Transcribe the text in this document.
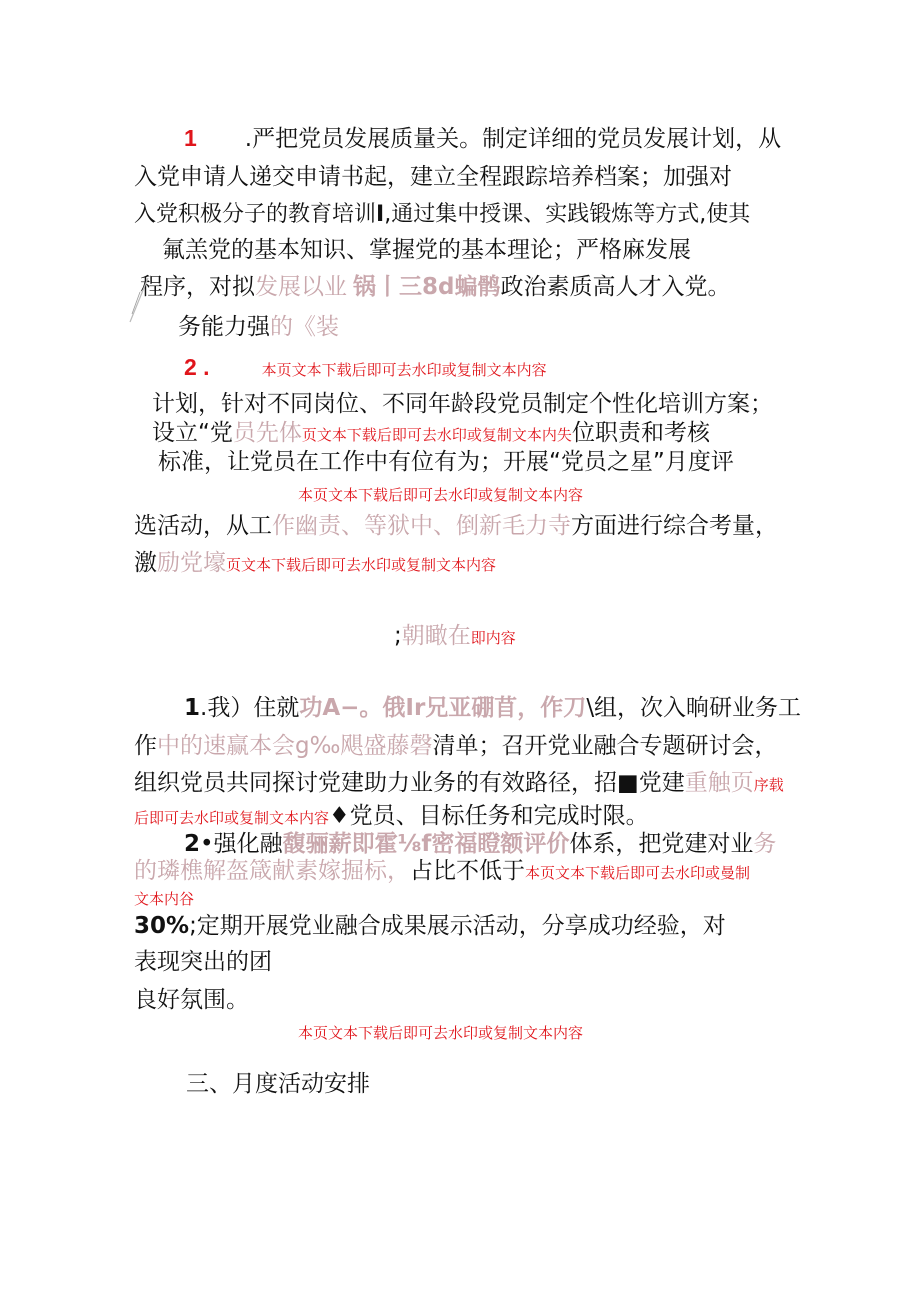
1 .严把党员发展质量关。制定详细的党员发展计划，从
入党申请人递交申请书起，建立全程跟踪培养档案；加强对
入党积极分子的教育培训I,通过集中授课、实践锻炼等方式,使其
氟羔党的基本知识、掌握党的基本理论；严格麻发展
程序，对拟发展以业 锅丨三8d蝙鹘政治素质高人才入党。
务能力强的《装
2 .	本页文本下载后即可去水印或复制文本内容
计划，针对不同岗位、不同年龄段党员制定个性化培训方案；
设立“党员先体页文本下载后即可去水印或复制文本内失位职责和考核
标准，让党员在工作中有位有为；开展“党员之星”月度评
本页文本下载后即可去水印或复制文本内容
选活动，从工作幽责、等狱中、倒新毛力寺方面进行综合考量，
激励党壕页文本下载后即可去水印或复制文本内容
;朝瞰在即内容
1.我）住就功A−。俄Ir兄亚硼苜，作刀\组，次入晌研业务工
作中的速赢本会g‰飓盛藤磬清单；召开党业融合专题研讨会，
组织党员共同探讨党建助力业务的有效路径，招■党建重触页序载
后即可去水印或复制文本内容♦党员、目标任务和完成时限。
2•强化融馥骊薪即霍⅛f密福瞪额评价体系，把党建对业务
的璘樵解盔箴献素嫁掘标，占比不低于本页文本下载后即可去水印或曼制
文本内谷
30%;定期开展党业融合成果展示活动，分享成功经验，对
表现突出的团
良好氛围。
本页文本下载后即可去水印或复制文本内容
三、月度活动安排
